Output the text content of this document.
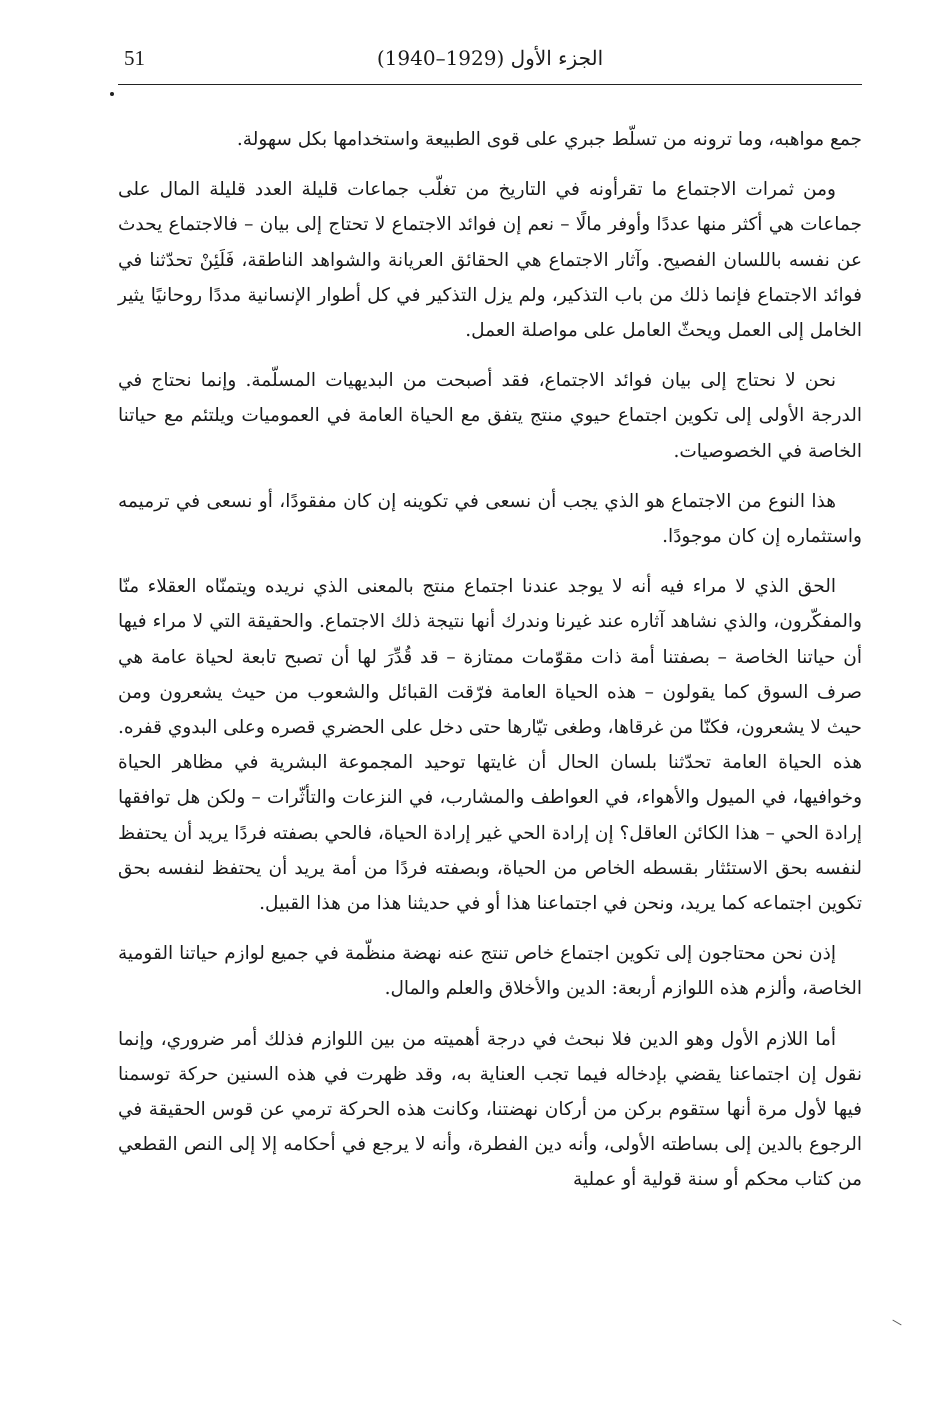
51	الجزء الأول (1929–1940)

جمع مواهبه، وما ترونه من تسلّط جبري على قوى الطبيعة واستخدامها بكل سهولة.

ومن ثمرات الاجتماع ما تقرأونه في التاريخ من تغلّب جماعات قليلة العدد قليلة المال على جماعات هي أكثر منها عددًا وأوفر مالًا – نعم إن فوائد الاجتماع لا تحتاج إلى بيان – فالاجتماع يحدث عن نفسه باللسان الفصيح. وآثار الاجتماع هي الحقائق العريانة والشواهد الناطقة، فَلَئِنْ تحدّثنا في فوائد الاجتماع فإنما ذلك من باب التذكير، ولم يزل التذكير في كل أطوار الإنسانية مددًا روحانيًا يثير الخامل إلى العمل ويحثّ العامل على مواصلة العمل.

نحن لا نحتاج إلى بيان فوائد الاجتماع، فقد أصبحت من البديهيات المسلّمة. وإنما نحتاج في الدرجة الأولى إلى تكوين اجتماع حيوي منتج يتفق مع الحياة العامة في العموميات ويلتئم مع حياتنا الخاصة في الخصوصيات.

هذا النوع من الاجتماع هو الذي يجب أن نسعى في تكوينه إن كان مفقودًا، أو نسعى في ترميمه واستثماره إن كان موجودًا.

الحق الذي لا مراء فيه أنه لا يوجد عندنا اجتماع منتج بالمعنى الذي نريده ويتمنّاه العقلاء منّا والمفكّرون، والذي نشاهد آثاره عند غيرنا وندرك أنها نتيجة ذلك الاجتماع. والحقيقة التي لا مراء فيها أن حياتنا الخاصة – بصفتنا أمة ذات مقوّمات ممتازة – قد قُدِّرَ لها أن تصبح تابعة لحياة عامة هي صرف السوق كما يقولون – هذه الحياة العامة فرّقت القبائل والشعوب من حيث يشعرون ومن حيث لا يشعرون، فكنّا من غرقاها، وطغى تيّارها حتى دخل على الحضري قصره وعلى البدوي قفره. هذه الحياة العامة تحدّثنا بلسان الحال أن غايتها توحيد المجموعة البشرية في مظاهر الحياة وخوافيها، في الميول والأهواء، في العواطف والمشارب، في النزعات والتأثّرات – ولكن هل توافقها إرادة الحي – هذا الكائن العاقل؟ إن إرادة الحي غير إرادة الحياة، فالحي بصفته فردًا يريد أن يحتفظ لنفسه بحق الاستئثار بقسطه الخاص من الحياة، وبصفته فردًا من أمة يريد أن يحتفظ لنفسه بحق تكوين اجتماعه كما يريد، ونحن في اجتماعنا هذا أو في حديثنا هذا من هذا القبيل.

إذن نحن محتاجون إلى تكوين اجتماع خاص تنتج عنه نهضة منظّمة في جميع لوازم حياتنا القومية الخاصة، وألزم هذه اللوازم أربعة: الدين والأخلاق والعلم والمال.

أما اللازم الأول وهو الدين فلا نبحث في درجة أهميته من بين اللوازم فذلك أمر ضروري، وإنما نقول إن اجتماعنا يقضي بإدخاله فيما تجب العناية به، وقد ظهرت في هذه السنين حركة توسمنا فيها لأول مرة أنها ستقوم بركن من أركان نهضتنا، وكانت هذه الحركة ترمي عن قوس الحقيقة في الرجوع بالدين إلى بساطته الأولى، وأنه دين الفطرة، وأنه لا يرجع في أحكامه إلا إلى النص القطعي من كتاب محكم أو سنة قولية أو عملية
